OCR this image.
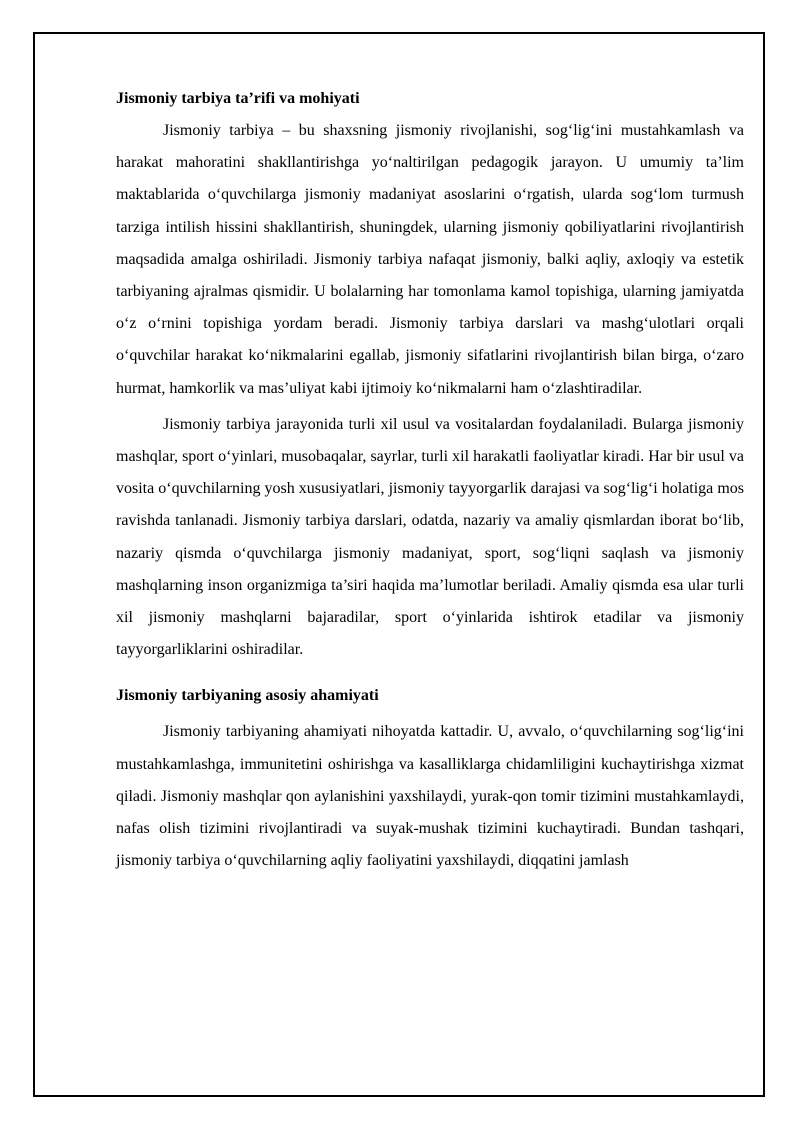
Jismoniy tarbiya ta’rifi va mohiyati

Jismoniy tarbiya – bu shaxsning jismoniy rivojlanishi, sog‘lig‘ini mustahkamlash va harakat mahoratini shakllantirishga yo‘naltirilgan pedagogik jarayon. U umumiy ta’lim maktablarida o‘quvchilarga jismoniy madaniyat asoslarini o‘rgatish, ularda sog‘lom turmush tarziga intilish hissini shakllantirish, shuningdek, ularning jismoniy qobiliyatlarini rivojlantirish maqsadida amalga oshiriladi. Jismoniy tarbiya nafaqat jismoniy, balki aqliy, axloqiy va estetik tarbiyaning ajralmas qismidir. U bolalarning har tomonlama kamol topishiga, ularning jamiyatda o‘z o‘rnini topishiga yordam beradi. Jismoniy tarbiya darslari va mashg‘ulotlari orqali o‘quvchilar harakat ko‘nikmalarini egallab, jismoniy sifatlarini rivojlantirish bilan birga, o‘zaro hurmat, hamkorlik va mas’uliyat kabi ijtimoiy ko‘nikmalarni ham o‘zlashtiradilar.

Jismoniy tarbiya jarayonida turli xil usul va vositalardan foydalaniladi. Bularga jismoniy mashqlar, sport o‘yinlari, musobaqalar, sayrlar, turli xil harakatli faoliyatlar kiradi. Har bir usul va vosita o‘quvchilarning yosh xususiyatlari, jismoniy tayyorgarlik darajasi va sog‘lig‘i holatiga mos ravishda tanlanadi. Jismoniy tarbiya darslari, odatda, nazariy va amaliy qismlardan iborat bo‘lib, nazariy qismda o‘quvchilarga jismoniy madaniyat, sport, sog‘liqni saqlash va jismoniy mashqlarning inson organizmiga ta’siri haqida ma’lumotlar beriladi. Amaliy qismda esa ular turli xil jismoniy mashqlarni bajaradilar, sport o‘yinlarida ishtirok etadilar va jismoniy tayyorgarliklarini oshiradilar.

Jismoniy tarbiyaning asosiy ahamiyati

Jismoniy tarbiyaning ahamiyati nihoyatda kattadir. U, avvalo, o‘quvchilarning sog‘lig‘ini mustahkamlashga, immunitetini oshirishga va kasalliklarga chidamliligini kuchaytirishga xizmat qiladi. Jismoniy mashqlar qon aylanishini yaxshilaydi, yurak-qon tomir tizimini mustahkamlaydi, nafas olish tizimini rivojlantiradi va suyak-mushak tizimini kuchaytiradi. Bundan tashqari, jismoniy tarbiya o‘quvchilarning aqliy faoliyatini yaxshilaydi, diqqatini jamlash
